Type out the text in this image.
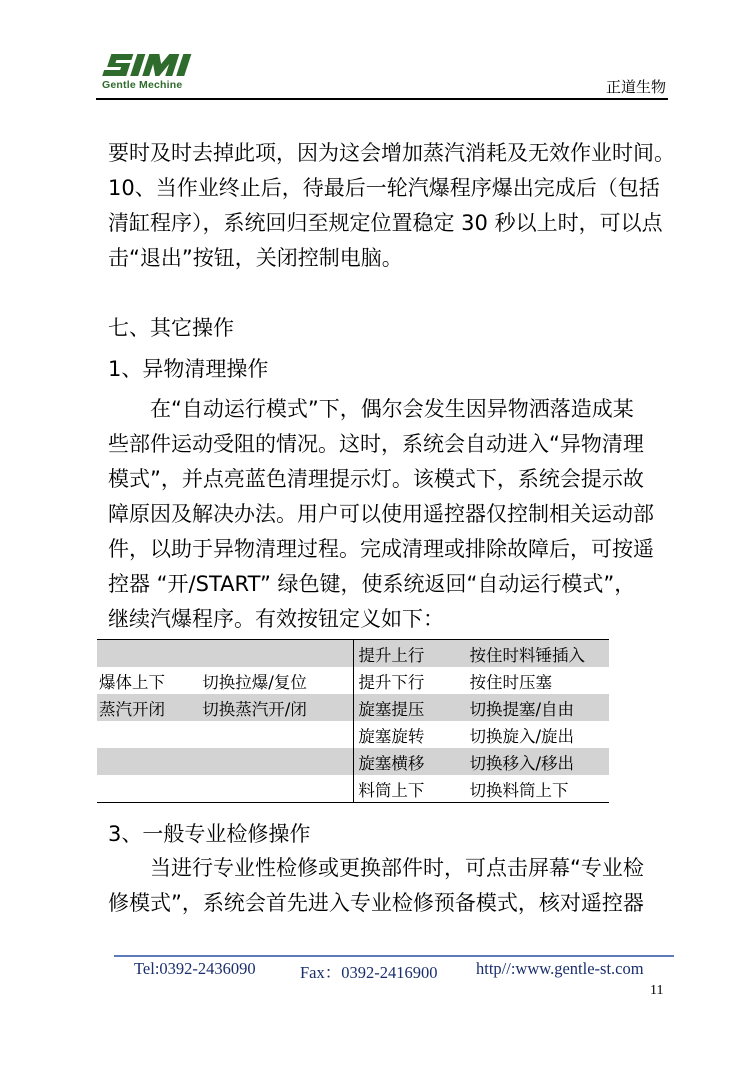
Gentle Mechine	正道生物
要时及时去掉此项，因为这会增加蒸汽消耗及无效作业时间。
10、当作业终止后，待最后一轮汽爆程序爆出完成后（包括
清缸程序），系统回归至规定位置稳定 30 秒以上时，可以点
击“退出”按钮，关闭控制电脑。
七、其它操作
1、异物清理操作
在“自动运行模式”下，偶尔会发生因异物洒落造成某
些部件运动受阻的情况。这时，系统会自动进入“异物清理
模式”，并点亮蓝色清理提示灯。该模式下，系统会提示故
障原因及解决办法。用户可以使用遥控器仅控制相关运动部
件，以助于异物清理过程。完成清理或排除故障后，可按遥
控器 “开/START” 绿色键，使系统返回“自动运行模式”，
继续汽爆程序。有效按钮定义如下：
		提升上行	按住时料锤插入
爆体上下	切换拉爆/复位	提升下行	按住时压塞
蒸汽开闭	切换蒸汽开/闭	旋塞提压	切换提塞/自由
		旋塞旋转	切换旋入/旋出
		旋塞横移	切换移入/移出
		料筒上下	切换料筒上下
3、一般专业检修操作
当进行专业性检修或更换部件时，可点击屏幕“专业检
修模式”，系统会首先进入专业检修预备模式，核对遥控器
Tel:0392-2436090	Fax：0392-2416900 http//:www.gentle-st.com
11
